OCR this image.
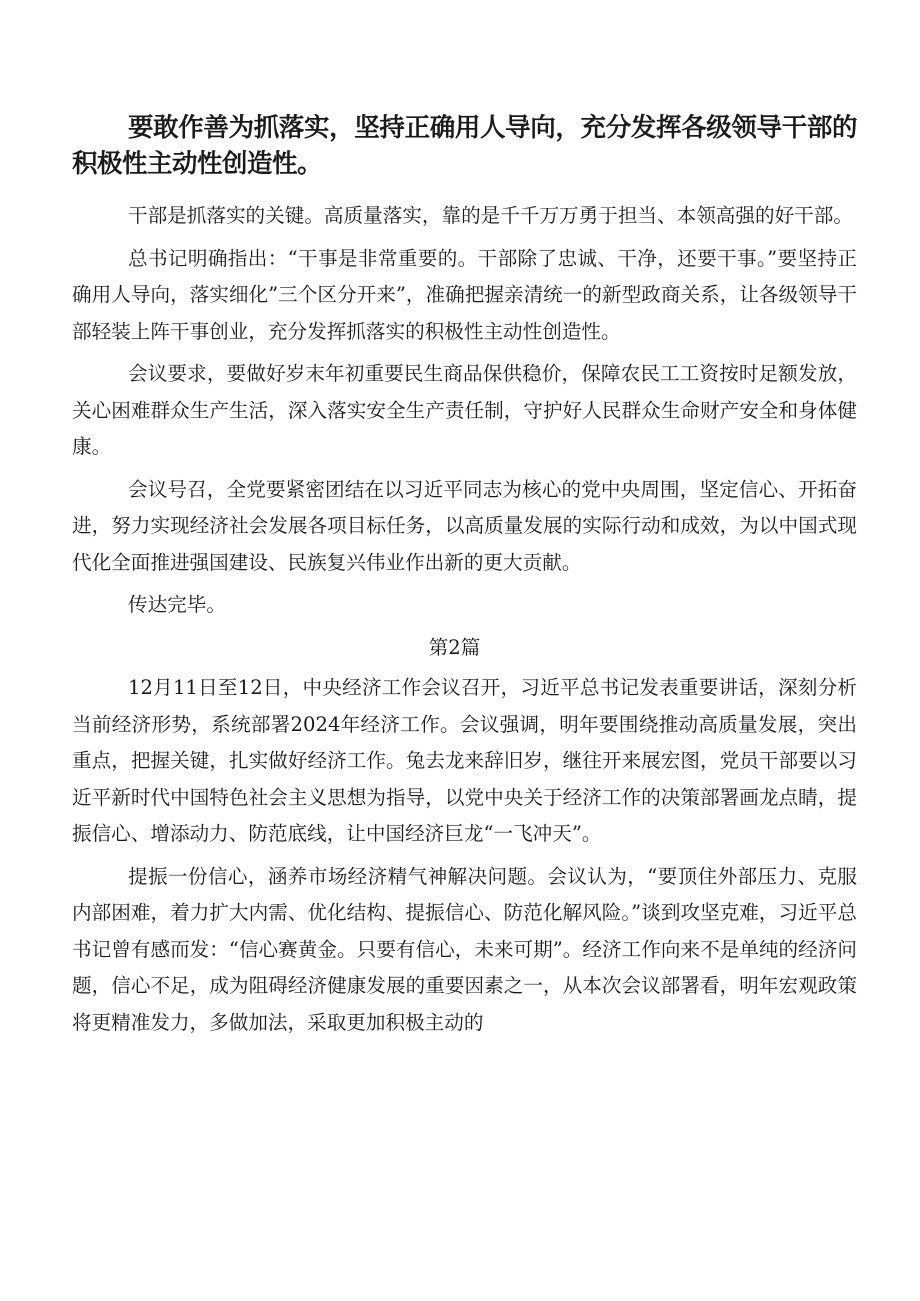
要敢作善为抓落实，坚持正确用人导向，充分发挥各级领导干部的积极性主动性创造性。

干部是抓落实的关键。高质量落实，靠的是千千万万勇于担当、本领高强的好干部。

总书记明确指出：“干事是非常重要的。干部除了忠诚、干净，还要干事。”要坚持正确用人导向，落实细化”三个区分开来”，准确把握亲清统一的新型政商关系，让各级领导干部轻装上阵干事创业，充分发挥抓落实的积极性主动性创造性。

会议要求，要做好岁末年初重要民生商品保供稳价，保障农民工工资按时足额发放，关心困难群众生产生活，深入落实安全生产责任制，守护好人民群众生命财产安全和身体健康。

会议号召，全党要紧密团结在以习近平同志为核心的党中央周围，坚定信心、开拓奋进，努力实现经济社会发展各项目标任务，以高质量发展的实际行动和成效，为以中国式现代化全面推进强国建设、民族复兴伟业作出新的更大贡献。

传达完毕。

第2篇

12月11日至12日，中央经济工作会议召开，习近平总书记发表重要讲话，深刻分析当前经济形势，系统部署2024年经济工作。会议强调，明年要围绕推动高质量发展，突出重点，把握关键，扎实做好经济工作。兔去龙来辞旧岁，继往开来展宏图，党员干部要以习近平新时代中国特色社会主义思想为指导，以党中央关于经济工作的决策部署画龙点睛，提振信心、增添动力、防范底线，让中国经济巨龙“一飞冲天”。

提振一份信心，涵养市场经济精气神解决问题。会议认为，“要顶住外部压力、克服内部困难，着力扩大内需、优化结构、提振信心、防范化解风险。”谈到攻坚克难，习近平总书记曾有感而发：“信心赛黄金。只要有信心，未来可期”。经济工作向来不是单纯的经济问题，信心不足，成为阻碍经济健康发展的重要因素之一，从本次会议部署看，明年宏观政策将更精准发力，多做加法，采取更加积极主动的
